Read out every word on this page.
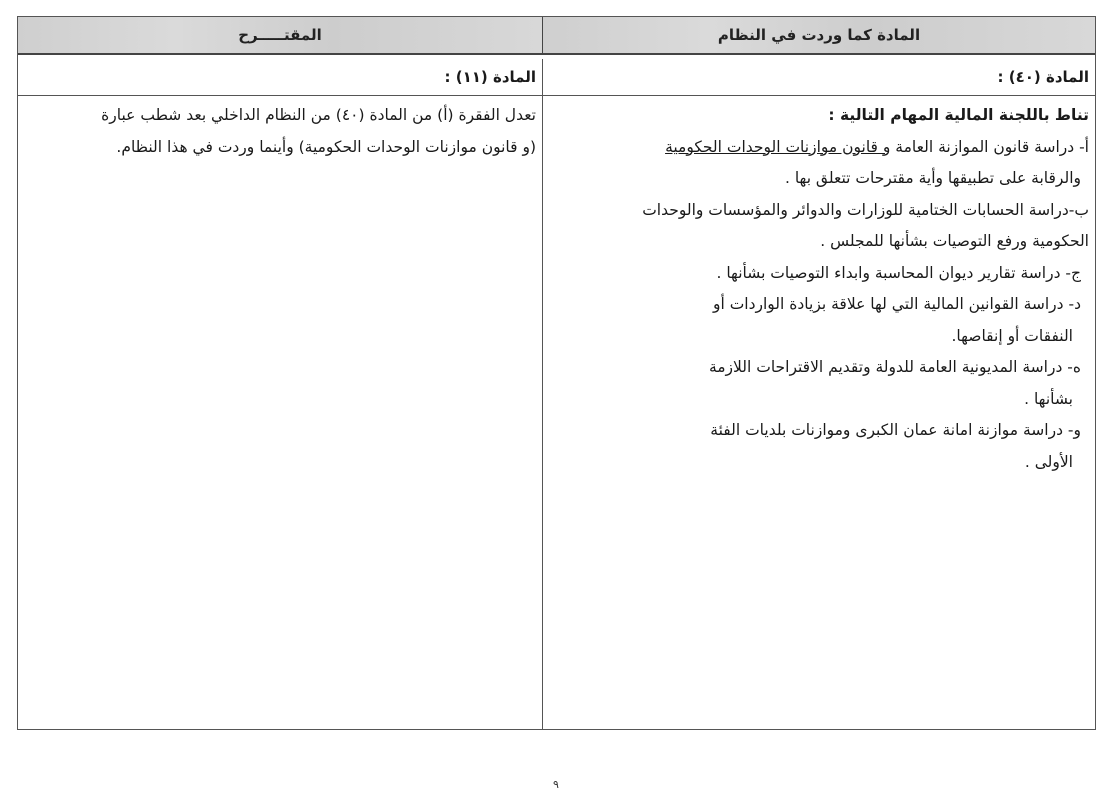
المادة كما وردت في النظام
المقتـــــرح
المادة (٤٠) :
تناط باللجنة المالية المهام التالية :
أ- دراسة قانون الموازنة العامة و قانون موازنات الوحدات الحكومية
والرقابة على تطبيقها وأية مقترحات تتعلق بها .
ب-دراسة الحسابات الختامية للوزارات والدوائر والمؤسسات والوحدات
الحكومية ورفع التوصيات بشأنها للمجلس .
ج- دراسة تقارير ديوان المحاسبة وابداء التوصيات بشأنها .
د- دراسة القوانين المالية التي لها علاقة بزيادة الواردات أو
النفقات أو إنقاصها.
ه- دراسة المديونية العامة للدولة وتقديم الاقتراحات اللازمة
بشأنها .
و- دراسة موازنة امانة عمان الكبرى وموازنات بلديات الفئة
الأولى .
المادة (١١) :
تعدل الفقرة (أ) من المادة (٤٠) من النظام الداخلي بعد شطب عبارة
(و قانون موازنات الوحدات الحكومية) وأينما وردت في هذا النظام.
٩
